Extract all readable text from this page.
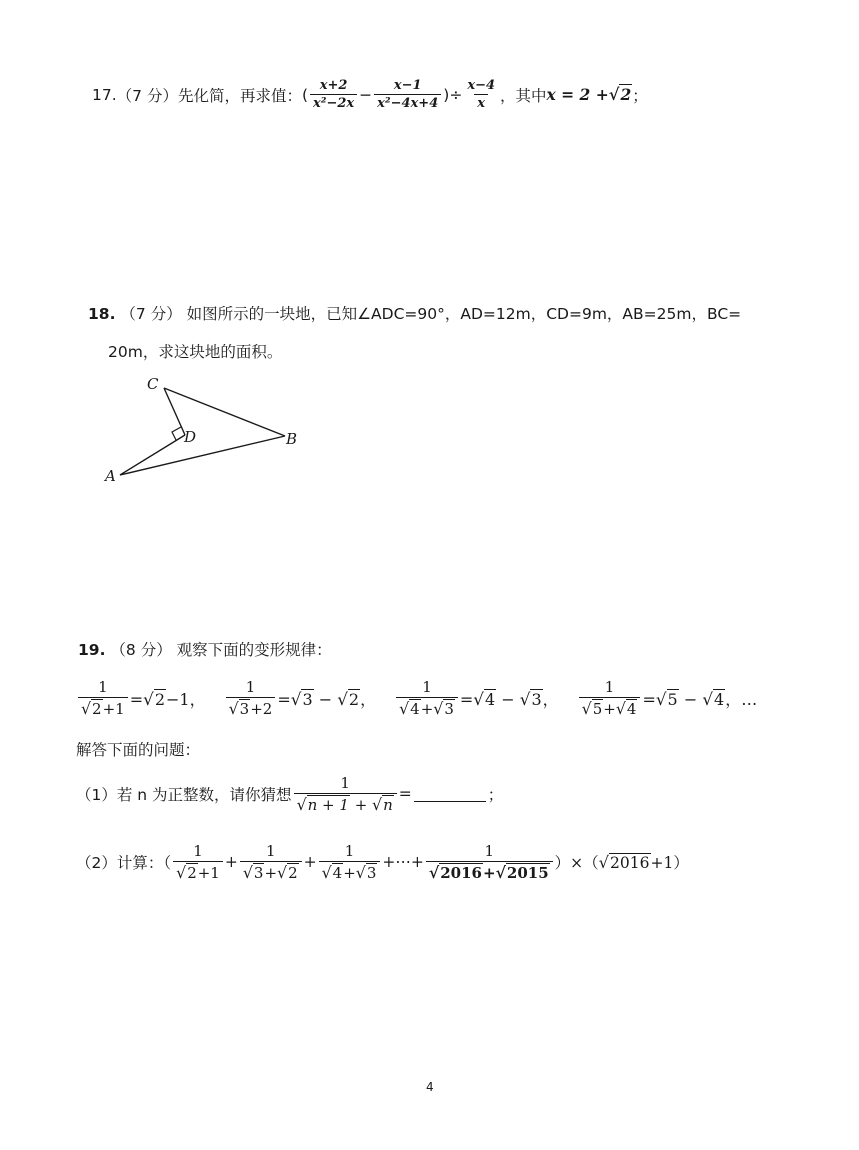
17. （7 分） 先化简，再求值： ( $\frac{x+2}{\text{x²−2x}} - \frac{x-1}{\text{x²−4x+4}}$ ) ÷ $\frac{x-4}{x}$ ，其中 x = 2 + √2 ；
18. （7 分） 如图所示的一块地，已知∠ADC=90°，AD=12m，CD=9m，AB=25m，BC=
20m，求这块地的面积。
C
D	B
A
19. （8 分） 观察下面的变形规律：
$\frac{1}{√2+1} =√2-1$， $\frac{1}{√3+2} =√3 - √2$， $\frac{1}{√4+√3} =√4 - √3$， $\frac{1}{√5+√4} =√5 - √4$，…
解答下面的问题：
（1） 若 n 为正整数，请你猜想 $\frac{1}{√n + 1 + √n}$ =	；
（2） 计算：（ $\frac{1}{√2+1} + \frac{1}{√3+√2} + \frac{1}{√4+√3}$ +⋯+ $\frac{1}{√2016+√2015}$ ）×（ √2016 +1）
4
